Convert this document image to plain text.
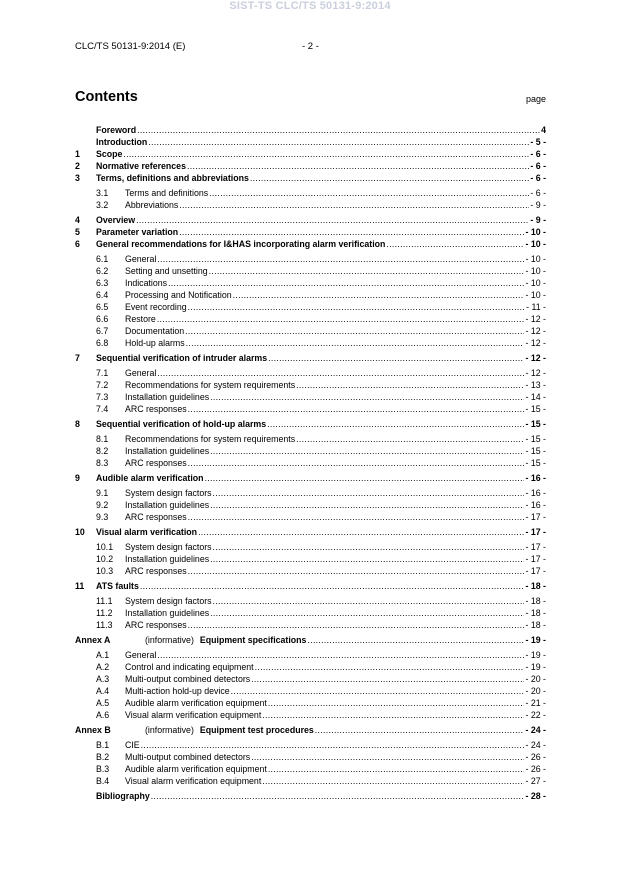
SIST-TS CLC/TS 50131-9:2014
CLC/TS 50131-9:2014 (E)	- 2 -
Contents	page
Foreword .....	4
Introduction .....	- 5 -
1	Scope .....	- 6 -
2	Normative references .....	- 6 -
3	Terms, definitions and abbreviations .....	- 6 -
3.1	Terms and definitions .....	- 6 -
3.2	Abbreviations .....	- 9 -
4	Overview .....	- 9 -
5	Parameter variation .....	- 10 -
6	General recommendations for I&HAS incorporating alarm verification .....	- 10 -
6.1	General .....	- 10 -
6.2	Setting and unsetting .....	- 10 -
6.3	Indications .....	- 10 -
6.4	Processing and Notification .....	- 10 -
6.5	Event recording .....	- 11 -
6.6	Restore .....	- 12 -
6.7	Documentation .....	- 12 -
6.8	Hold-up alarms .....	- 12 -
7	Sequential verification of intruder alarms .....	- 12 -
7.1	General .....	- 12 -
7.2	Recommendations for system requirements .....	- 13 -
7.3	Installation guidelines .....	- 14 -
7.4	ARC responses .....	- 15 -
8	Sequential verification of hold-up alarms .....	- 15 -
8.1	Recommendations for system requirements .....	- 15 -
8.2	Installation guidelines .....	- 15 -
8.3	ARC responses .....	- 15 -
9	Audible alarm verification .....	- 16 -
9.1	System design factors .....	- 16 -
9.2	Installation guidelines .....	- 16 -
9.3	ARC responses .....	- 17 -
10	Visual alarm verification .....	- 17 -
10.1	System design factors .....	- 17 -
10.2	Installation guidelines .....	- 17 -
10.3	ARC responses .....	- 17 -
11	ATS faults .....	- 18 -
11.1	System design factors .....	- 18 -
11.2	Installation guidelines .....	- 18 -
11.3	ARC responses .....	- 18 -
Annex A	(informative) Equipment specifications .....	- 19 -
A.1	General .....	- 19 -
A.2	Control and indicating equipment .....	- 19 -
A.3	Multi-output combined detectors .....	- 20 -
A.4	Multi-action hold-up device .....	- 20 -
A.5	Audible alarm verification equipment .....	- 21 -
A.6	Visual alarm verification equipment .....	- 22 -
Annex B	(informative) Equipment test procedures .....	- 24 -
B.1	CIE .....	- 24 -
B.2	Multi-output combined detectors .....	- 26 -
B.3	Audible alarm verification equipment .....	- 26 -
B.4	Visual alarm verification equipment .....	- 27 -
Bibliography .....	- 28 -
